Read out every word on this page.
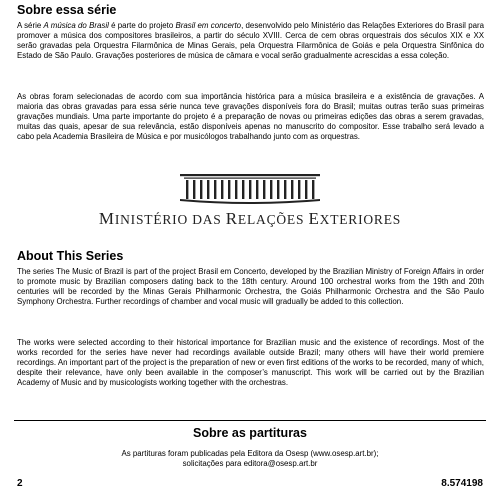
Sobre essa série

A série A música do Brasil é parte do projeto Brasil em concerto, desenvolvido pelo Ministério das Relações Exteriores do Brasil para promover a música dos compositores brasileiros, a partir do século XVIII. Cerca de cem obras orquestrais dos séculos XIX e XX serão gravadas pela Orquestra Filarmônica de Minas Gerais, pela Orquestra Filarmônica de Goiás e pela Orquestra Sinfônica do Estado de São Paulo. Gravações posteriores de música de câmara e vocal serão gradualmente acrescidas a essa coleção.

As obras foram selecionadas de acordo com sua importância histórica para a música brasileira e a existência de gravações. A maioria das obras gravadas para essa série nunca teve gravações disponíveis fora do Brasil; muitas outras terão suas primeiras gravações mundiais. Uma parte importante do projeto é a preparação de novas ou primeiras edições das obras a serem gravadas, muitas das quais, apesar de sua relevância, estão disponíveis apenas no manuscrito do compositor. Esse trabalho será levado a cabo pela Academia Brasileira de Música e por musicólogos trabalhando junto com as orquestras.

MINISTÉRIO DAS RELAÇÕES EXTERIORES
About This Series

The series The Music of Brazil is part of the project Brasil em Concerto, developed by the Brazilian Ministry of Foreign Affairs in order to promote music by Brazilian composers dating back to the 18th century. Around 100 orchestral works from the 19th and 20th centuries will be recorded by the Minas Gerais Philharmonic Orchestra, the Goiás Philharmonic Orchestra and the São Paulo Symphony Orchestra. Further recordings of chamber and vocal music will gradually be added to this collection.

The works were selected according to their historical importance for Brazilian music and the existence of recordings. Most of the works recorded for the series have never had recordings available outside Brazil; many others will have their world premiere recordings. An important part of the project is the preparation of new or even first editions of the works to be recorded, many of which, despite their relevance, have only been available in the composer’s manuscript. This work will be carried out by the Brazilian Academy of Music and by musicologists working together with the orchestras.

Sobre as partituras
As partituras foram publicadas pela Editora da Osesp (www.osesp.art.br);
solicitações para editora@osesp.art.br
2	8.574198
